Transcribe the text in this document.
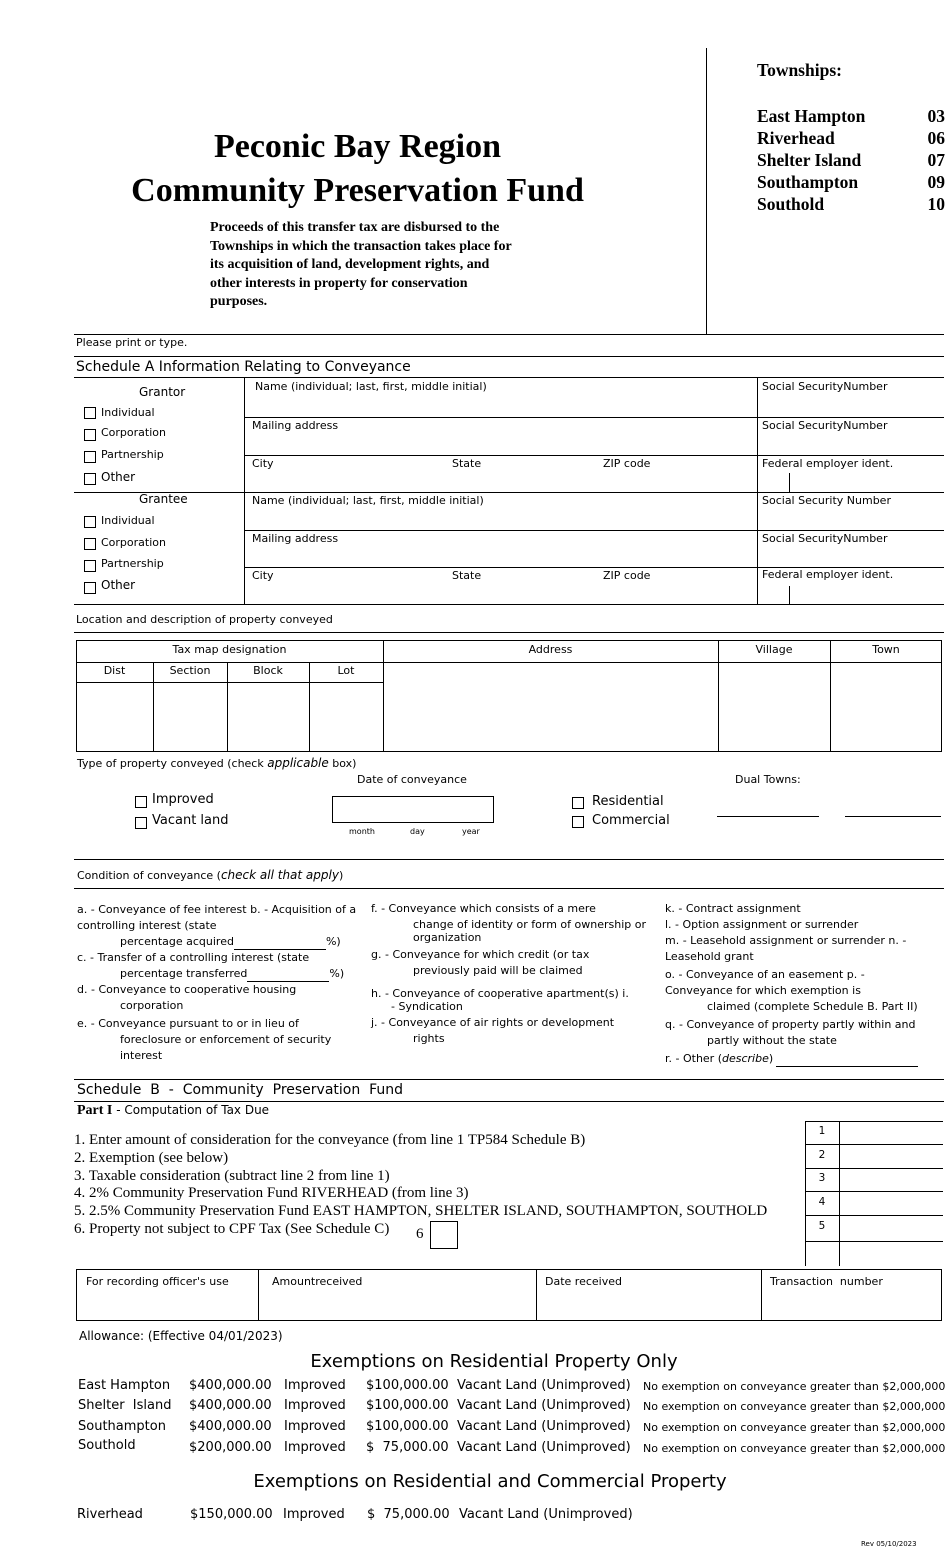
Peconic Bay Region
Community Preservation Fund
Proceeds of this transfer tax are disbursed to the
Townships in which the transaction takes place for
its acquisition of land, development rights, and
other interests in property for conservation
purposes.
Townships:
East Hampton	03
Riverhead	06
Shelter Island	07
Southampton	09
Southold	10
Please print or type.
Schedule A Information Relating to Conveyance
Grantor
Individual
Corporation
Partnership
Other
Name (individual; last, first, middle initial)	Social SecurityNumber
Mailing address	Social SecurityNumber
City	State	ZIP code	Federal employer ident.
Grantee
Individual
Corporation
Partnership
Other
Name (individual; last, first, middle initial)	Social Security Number
Mailing address	Social SecurityNumber
City	State	ZIP code	Federal employer ident.
Location and description of property conveyed
Tax map designation	Address	Village	Town
Dist	Section	Block	Lot
Type of property conveyed (check applicable box)
Date of conveyance	Dual Towns:
Improved
Vacant land
month	day	year
Residential
Commercial
Condition of conveyance (check all that apply)
a. - Conveyance of fee interest b. - Acquisition of a
controlling interest (state
percentage acquired	%)
c. - Transfer of a controlling interest (state
percentage transferred	%)
d. - Conveyance to cooperative housing
corporation
e. - Conveyance pursuant to or in lieu of
foreclosure or enforcement of security
interest
f. - Conveyance which consists of a mere
change of identity or form of ownership or
organization
g. - Conveyance for which credit (or tax
previously paid will be claimed
h. - Conveyance of cooperative apartment(s) i.
- Syndication
j. - Conveyance of air rights or development
rights
k. - Contract assignment
l. - Option assignment or surrender
m. - Leasehold assignment or surrender n. -
Leasehold grant
o. - Conveyance of an easement p. -
Conveyance for which exemption is
claimed (complete Schedule B. Part II)
q. - Conveyance of property partly within and
partly without the state
r. - Other (describe)
Schedule  B  -  Community  Preservation  Fund
Part I - Computation of Tax Due
1. Enter amount of consideration for the conveyance (from line 1 TP584 Schedule B)
2. Exemption (see below)
3. Taxable consideration (subtract line 2 from line 1)
4. 2% Community Preservation Fund RIVERHEAD (from line 3)
5. 2.5% Community Preservation Fund EAST HAMPTON, SHELTER ISLAND, SOUTHAMPTON, SOUTHOLD
6. Property not subject to CPF Tax (See Schedule C)	6
1
2
3
4
5
For recording officer's use	Amountreceived	Date received	Transaction  number
Allowance: (Effective 04/01/2023)
Exemptions on Residential Property Only
East Hampton $400,000.00 Improved $100,000.00 Vacant Land (Unimproved) No exemption on conveyance greater than $2,000,000
Shelter  Island $400,000.00 Improved $100,000.00 Vacant Land (Unimproved) No exemption on conveyance greater than $2,000,000
Southampton $400,000.00 Improved $100,000.00 Vacant Land (Unimproved) No exemption on conveyance greater than $2,000,000
Southold	$200,000.00 Improved $  75,000.00 Vacant Land (Unimproved) No exemption on conveyance greater than $2,000,000
Exemptions on Residential and Commercial Property
Riverhead	$150,000.00 Improved $  75,000.00 Vacant Land (Unimproved)
Rev 05/10/2023
